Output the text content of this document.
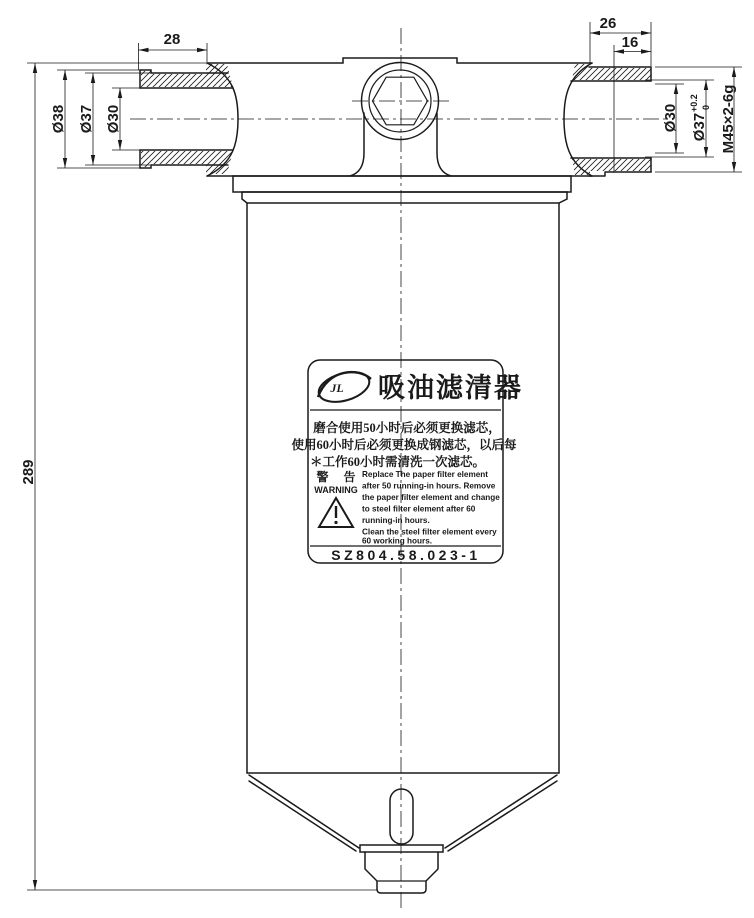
28
26
16
Ø38 Ø37 Ø30	Ø30 Ø37
+0.2 0 M45×2-6g
289
JL 吸油滤清器
磨合使用50小时后必须更换滤芯，
使用60小时后必须更换成钢滤芯，以后每
＊工作60小时需清洗一次滤芯。
警 告
WARNING
Replace The paper filter element
after 50 running-in hours. Remove
the paper filter element and change
to steel filter element after 60
running-in hours.
Clean the steel filter element every
60 working hours.
SZ804.58.023-1
